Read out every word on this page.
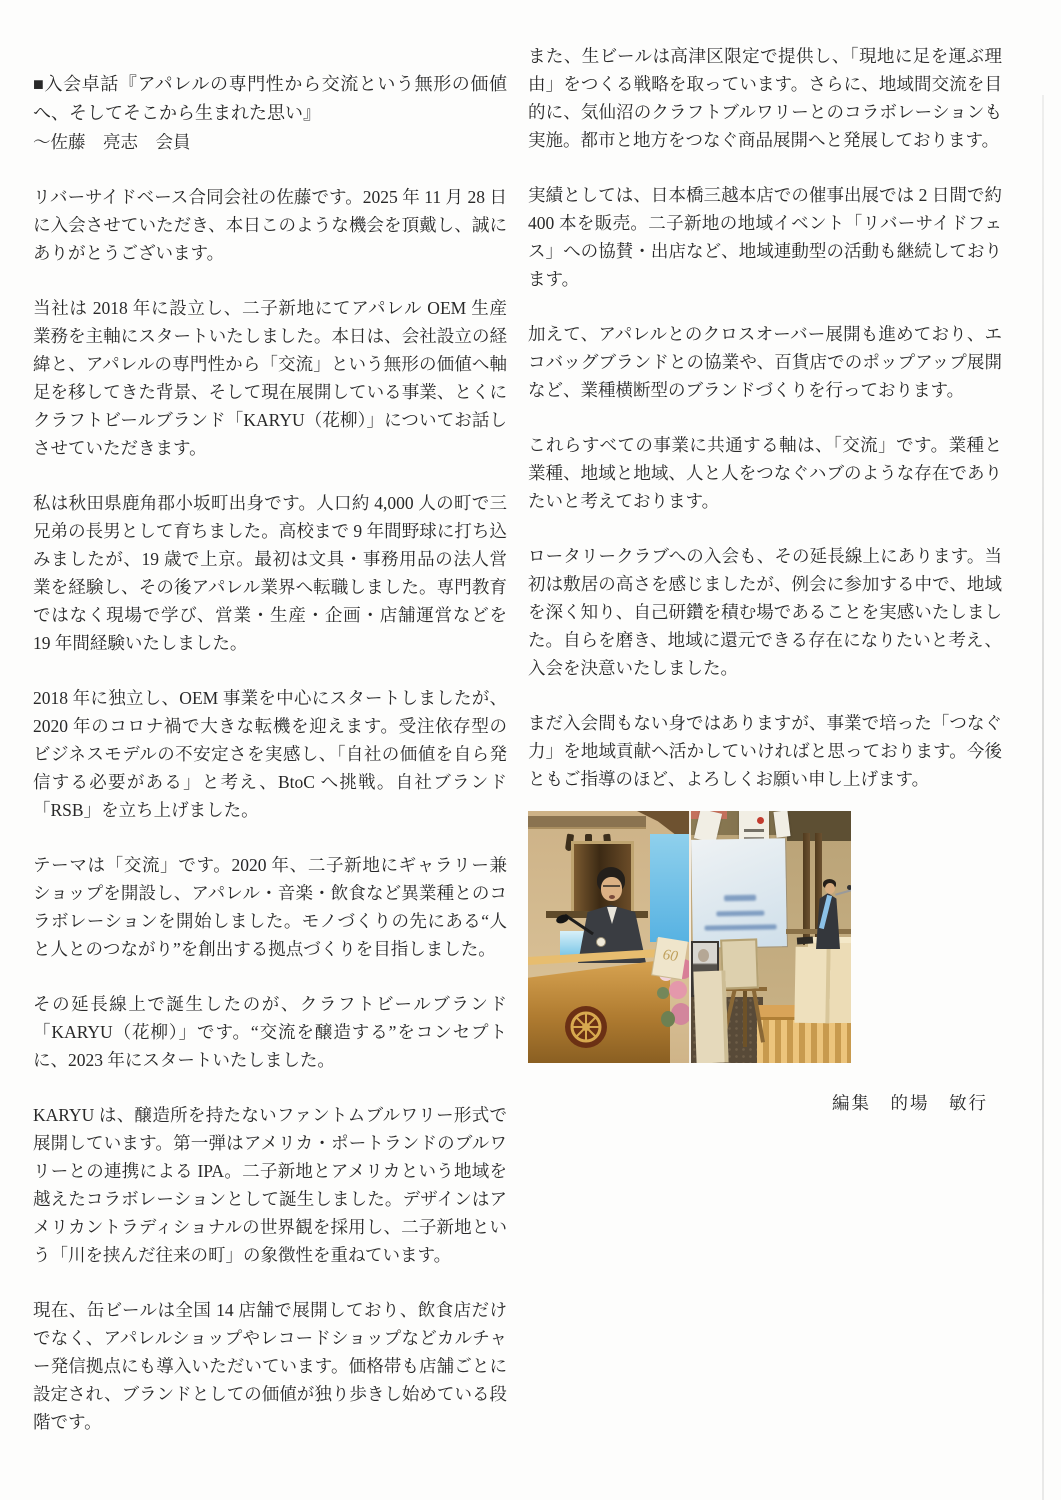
■入会卓話『アパレルの専門性から交流という無形の価値へ、そしてそこから生まれた思い』
～佐藤　亮志　会員

リバーサイドベース合同会社の佐藤です。2025 年 11 月 28 日に入会させていただき、本日このような機会を頂戴し、誠にありがとうございます。

当社は 2018 年に設立し、二子新地にてアパレル OEM 生産業務を主軸にスタートいたしました。本日は、会社設立の経緯と、アパレルの専門性から「交流」という無形の価値へ軸足を移してきた背景、そして現在展開している事業、とくにクラフトビールブランド「KARYU（花柳）」についてお話しさせていただきます。

私は秋田県鹿角郡小坂町出身です。人口約 4,000 人の町で三兄弟の長男として育ちました。高校まで 9 年間野球に打ち込みましたが、19 歳で上京。最初は文具・事務用品の法人営業を経験し、その後アパレル業界へ転職しました。専門教育ではなく現場で学び、営業・生産・企画・店舗運営などを 19 年間経験いたしました。

2018 年に独立し、OEM 事業を中心にスタートしましたが、2020 年のコロナ禍で大きな転機を迎えます。受注依存型のビジネスモデルの不安定さを実感し、「自社の価値を自ら発信する必要がある」と考え、BtoC へ挑戦。自社ブランド「RSB」を立ち上げました。

テーマは「交流」です。2020 年、二子新地にギャラリー兼ショップを開設し、アパレル・音楽・飲食など異業種とのコラボレーションを開始しました。モノづくりの先にある“人と人とのつながり”を創出する拠点づくりを目指しました。

その延長線上で誕生したのが、クラフトビールブランド「KARYU（花柳）」です。“交流を醸造する”をコンセプトに、2023 年にスタートいたしました。

KARYU は、醸造所を持たないファントムブルワリー形式で展開しています。第一弾はアメリカ・ポートランドのブルワリーとの連携による IPA。二子新地とアメリカという地域を越えたコラボレーションとして誕生しました。デザインはアメリカントラディショナルの世界観を採用し、二子新地という「川を挟んだ往来の町」の象徴性を重ねています。

現在、缶ビールは全国 14 店舗で展開しており、飲食店だけでなく、アパレルショップやレコードショップなどカルチャー発信拠点にも導入いただいています。価格帯も店舗ごとに設定され、ブランドとしての価値が独り歩きし始めている段階です。

また、生ビールは高津区限定で提供し、「現地に足を運ぶ理由」をつくる戦略を取っています。さらに、地域間交流を目的に、気仙沼のクラフトブルワリーとのコラボレーションも実施。都市と地方をつなぐ商品展開へと発展しております。

実績としては、日本橋三越本店での催事出展では 2 日間で約 400 本を販売。二子新地の地域イベント「リバーサイドフェス」への協賛・出店など、地域連動型の活動も継続しております。

加えて、アパレルとのクロスオーバー展開も進めており、エコバッグブランドとの協業や、百貨店でのポップアップ展開など、業種横断型のブランドづくりを行っております。

これらすべての事業に共通する軸は、「交流」です。業種と業種、地域と地域、人と人をつなぐハブのような存在でありたいと考えております。

ロータリークラブへの入会も、その延長線上にあります。当初は敷居の高さを感じましたが、例会に参加する中で、地域を深く知り、自己研鑽を積む場であることを実感いたしました。自らを磨き、地域に還元できる存在になりたいと考え、入会を決意いたしました。

まだ入会間もない身ではありますが、事業で培った「つなぐ力」を地域貢献へ活かしていければと思っております。今後ともご指導のほど、よろしくお願い申し上げます。

60
編集　的場　敏行
